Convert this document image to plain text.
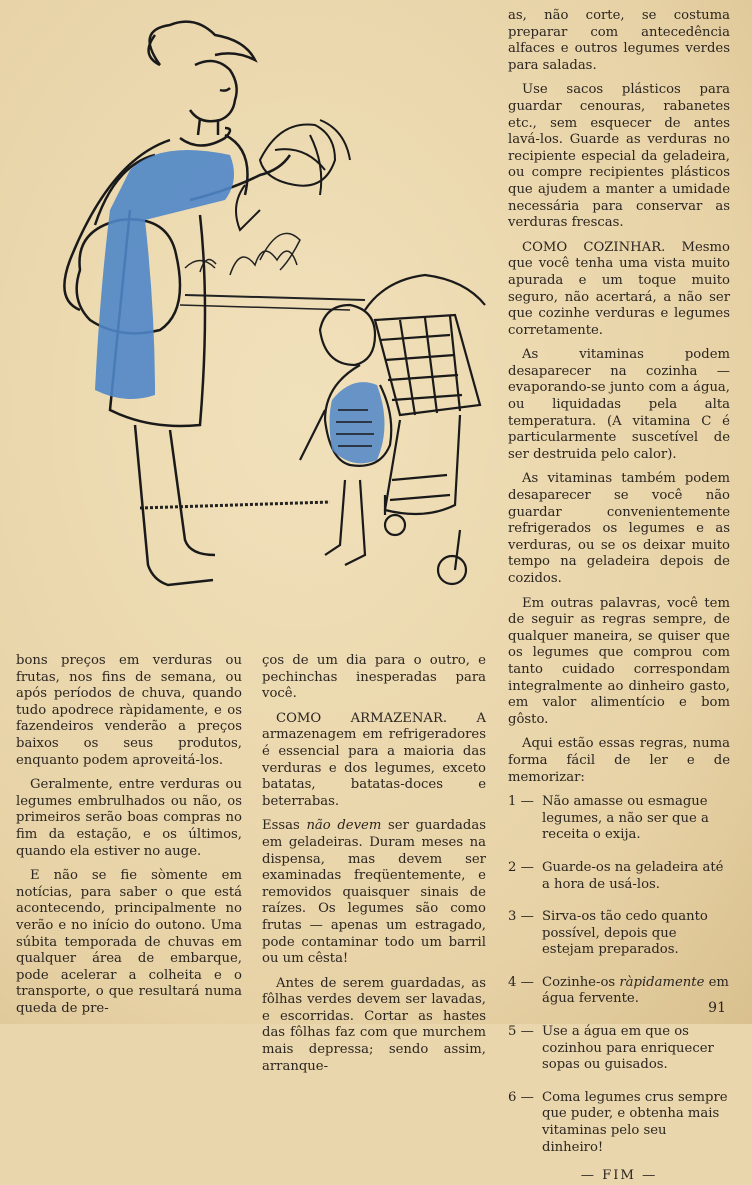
bons preços em verduras ou frutas, nos fins de semana, ou após períodos de chuva, quando tudo apodrece ràpidamente, e os fazendeiros venderão a preços baixos os seus produtos, enquanto podem aproveitá-los.

Geralmente, entre verduras ou legumes embrulhados ou não, os primeiros serão boas compras no fim da estação, e os últimos, quando ela estiver no auge.

E não se fie sòmente em notícias, para saber o que está acontecendo, principalmente no verão e no início do outono. Uma súbita temporada de chuvas em qualquer área de embarque, pode acelerar a colheita e o transporte, o que resultará numa queda de pre-

ços de um dia para o outro, e pechinchas inesperadas para você.

COMO ARMAZENAR. A armazenagem em refrigeradores é essencial para a maioria das verduras e dos legumes, exceto batatas, batatas-doces e beterrabas.

Essas não devem ser guardadas em geladeiras. Duram meses na dispensa, mas devem ser examinadas freqüentemente, e removidos quaisquer sinais de raízes. Os legumes são como frutas — apenas um estragado, pode contaminar todo um barril ou um cêsta!

Antes de serem guardadas, as fôlhas verdes devem ser lavadas, e escorridas. Cortar as hastes das fôlhas faz com que murchem mais depressa; sendo assim, arranque-

as, não corte, se costuma preparar com antecedência alfaces e outros legumes verdes para saladas.

Use sacos plásticos para guardar cenouras, rabanetes etc., sem esquecer de antes lavá-los. Guarde as verduras no recipiente especial da geladeira, ou compre recipientes plásticos que ajudem a manter a umidade necessária para conservar as verduras frescas.

COMO COZINHAR. Mesmo que você tenha uma vista muito apurada e um toque muito seguro, não acertará, a não ser que cozinhe verduras e legumes corretamente.

As vitaminas podem desaparecer na cozinha — evaporando-se junto com a água, ou liquidadas pela alta temperatura. (A vitamina C é particularmente suscetível de ser destruida pelo calor).

As vitaminas também podem desaparecer se você não guardar convenientemente refrigerados os legumes e as verduras, ou se os deixar muito tempo na geladeira depois de cozidos.

Em outras palavras, você tem de seguir as regras sempre, de qualquer maneira, se quiser que os legumes que comprou com tanto cuidado correspondam integralmente ao dinheiro gasto, em valor alimentício e bom gôsto.

Aqui estão essas regras, numa forma fácil de ler e de memorizar:

1 — Não amasse ou esmague legumes, a não ser que a receita o exija.
2 — Guarde-os na geladeira até a hora de usá-los.
3 — Sirva-os tão cedo quanto possível, depois que estejam preparados.
4 — Cozinhe-os ràpidamente em água fervente.
5 — Use a água em que os cozinhou para enriquecer sopas ou guisados.
6 — Coma legumes crus sempre que puder, e obtenha mais vitaminas pelo seu dinheiro!
— FIM —
91
